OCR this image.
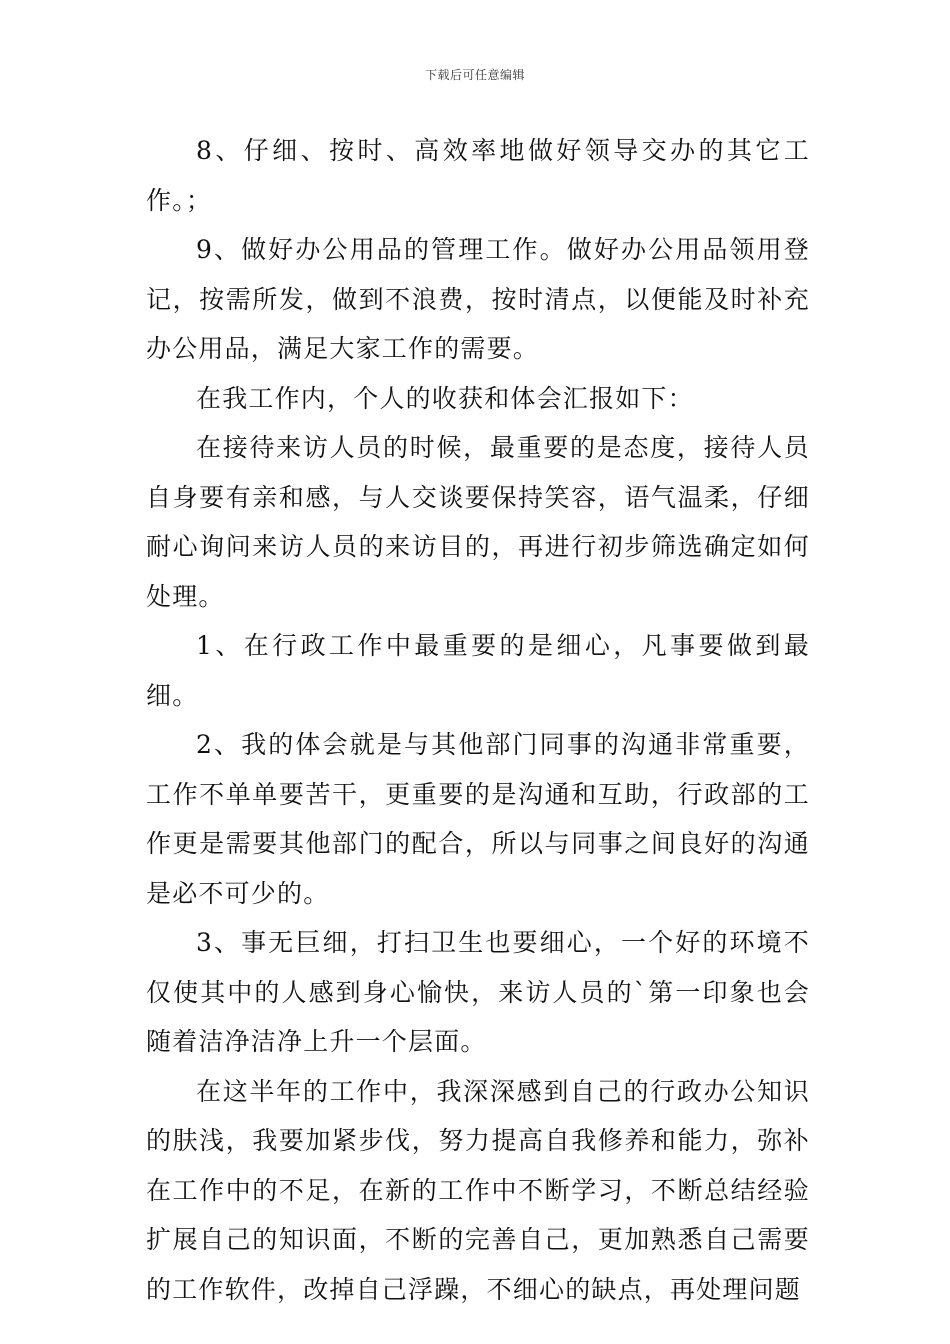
下载后可任意编辑

8、仔细、按时、高效率地做好领导交办的其它工作。；

9、做好办公用品的管理工作。做好办公用品领用登记，按需所发，做到不浪费，按时清点，以便能及时补充办公用品，满足大家工作的需要。

在我工作内，个人的收获和体会汇报如下：

在接待来访人员的时候，最重要的是态度，接待人员自身要有亲和感，与人交谈要保持笑容，语气温柔，仔细耐心询问来访人员的来访目的，再进行初步筛选确定如何处理。

1、在行政工作中最重要的是细心，凡事要做到最细。

2、我的体会就是与其他部门同事的沟通非常重要，工作不单单要苦干，更重要的是沟通和互助，行政部的工作更是需要其他部门的配合，所以与同事之间良好的沟通是必不可少的。

3、事无巨细，打扫卫生也要细心，一个好的环境不仅使其中的人感到身心愉快，来访人员的`第一印象也会随着洁净洁净上升一个层面。

在这半年的工作中，我深深感到自己的行政办公知识的肤浅，我要加紧步伐，努力提高自我修养和能力，弥补在工作中的不足，在新的工作中不断学习，不断总结经验扩展自己的知识面，不断的完善自己，更加熟悉自己需要的工作软件，改掉自己浮躁，不细心的缺点，再处理问题
